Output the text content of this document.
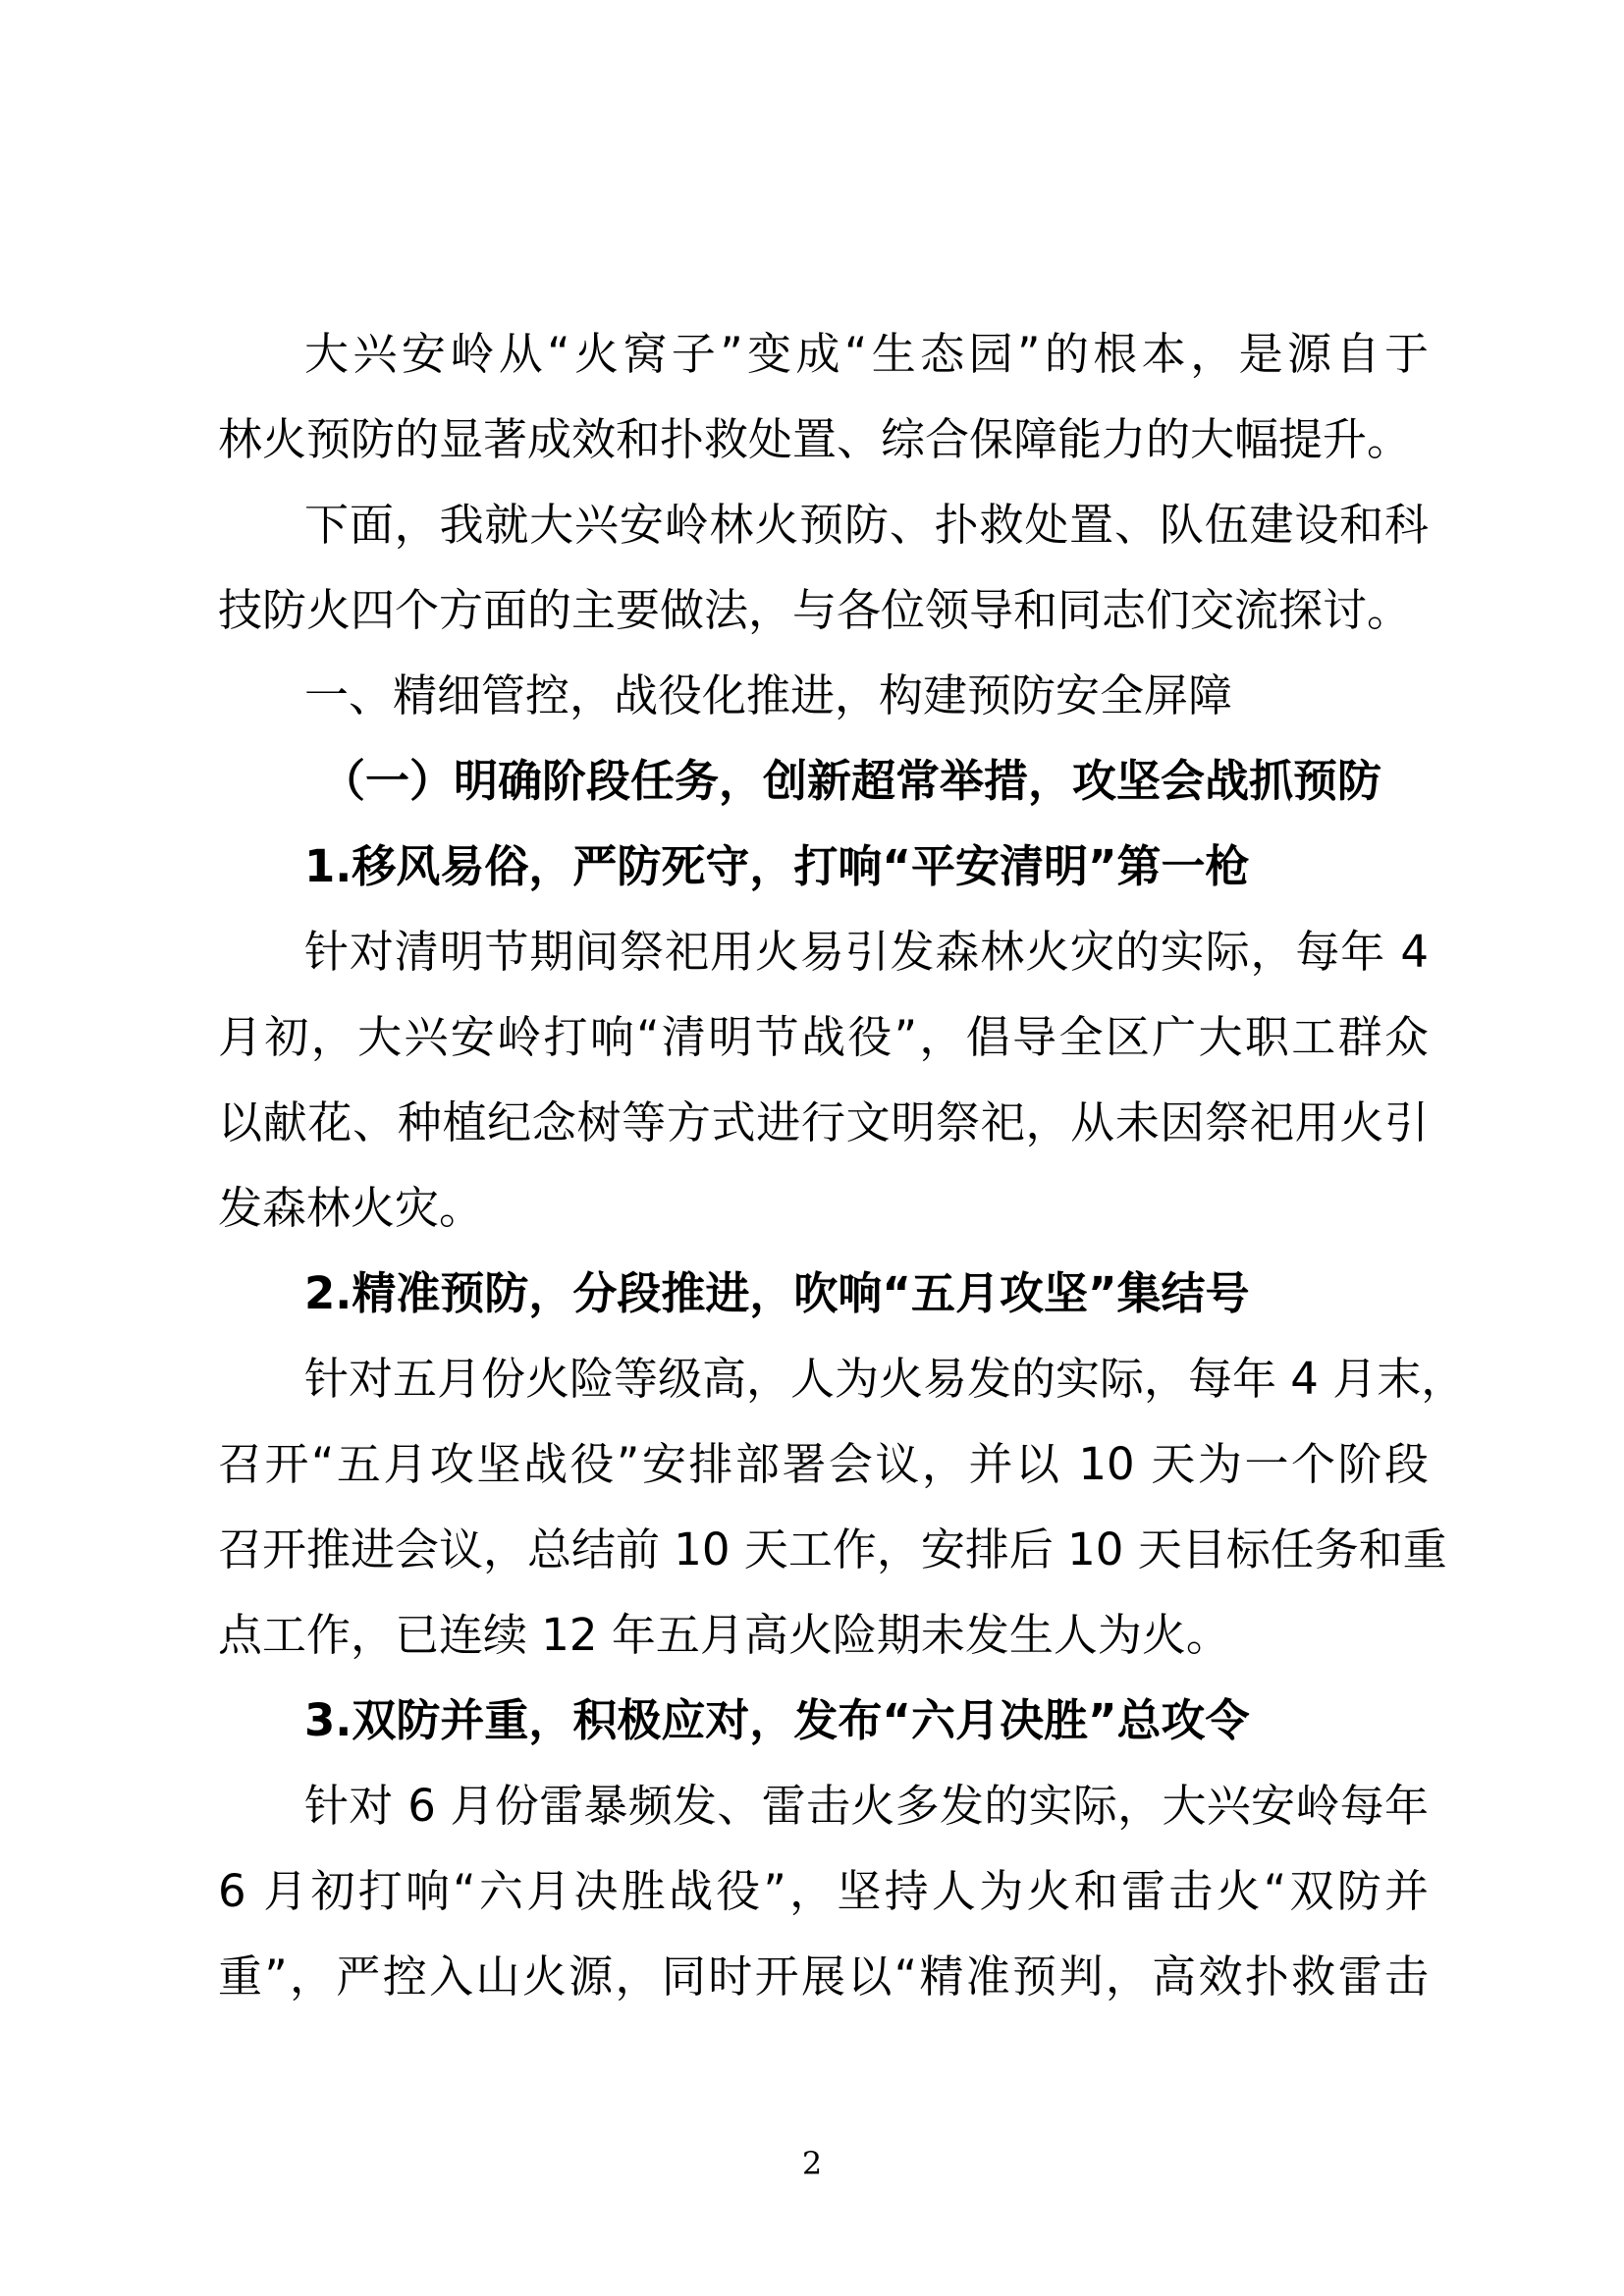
大兴安岭从“火窝子”变成“生态园”的根本，是源自于
林火预防的显著成效和扑救处置、综合保障能力的大幅提升。
下面，我就大兴安岭林火预防、扑救处置、队伍建设和科
技防火四个方面的主要做法，与各位领导和同志们交流探讨。
一、精细管控，战役化推进，构建预防安全屏障
（一）明确阶段任务，创新超常举措，攻坚会战抓预防
1.移风易俗，严防死守，打响“平安清明”第一枪
针对清明节期间祭祀用火易引发森林火灾的实际，每年 4
月初，大兴安岭打响“清明节战役”，倡导全区广大职工群众
以献花、种植纪念树等方式进行文明祭祀，从未因祭祀用火引
发森林火灾。
2.精准预防，分段推进，吹响“五月攻坚”集结号
针对五月份火险等级高，人为火易发的实际，每年 4 月末，
召开“五月攻坚战役”安排部署会议，并以 10 天为一个阶段
召开推进会议，总结前 10 天工作，安排后 10 天目标任务和重
点工作，已连续 12 年五月高火险期未发生人为火。
3.双防并重，积极应对，发布“六月决胜”总攻令
针对 6 月份雷暴频发、雷击火多发的实际，大兴安岭每年
6 月初打响“六月决胜战役”，坚持人为火和雷击火“双防并
重”，严控入山火源，同时开展以“精准预判，高效扑救雷击
2
